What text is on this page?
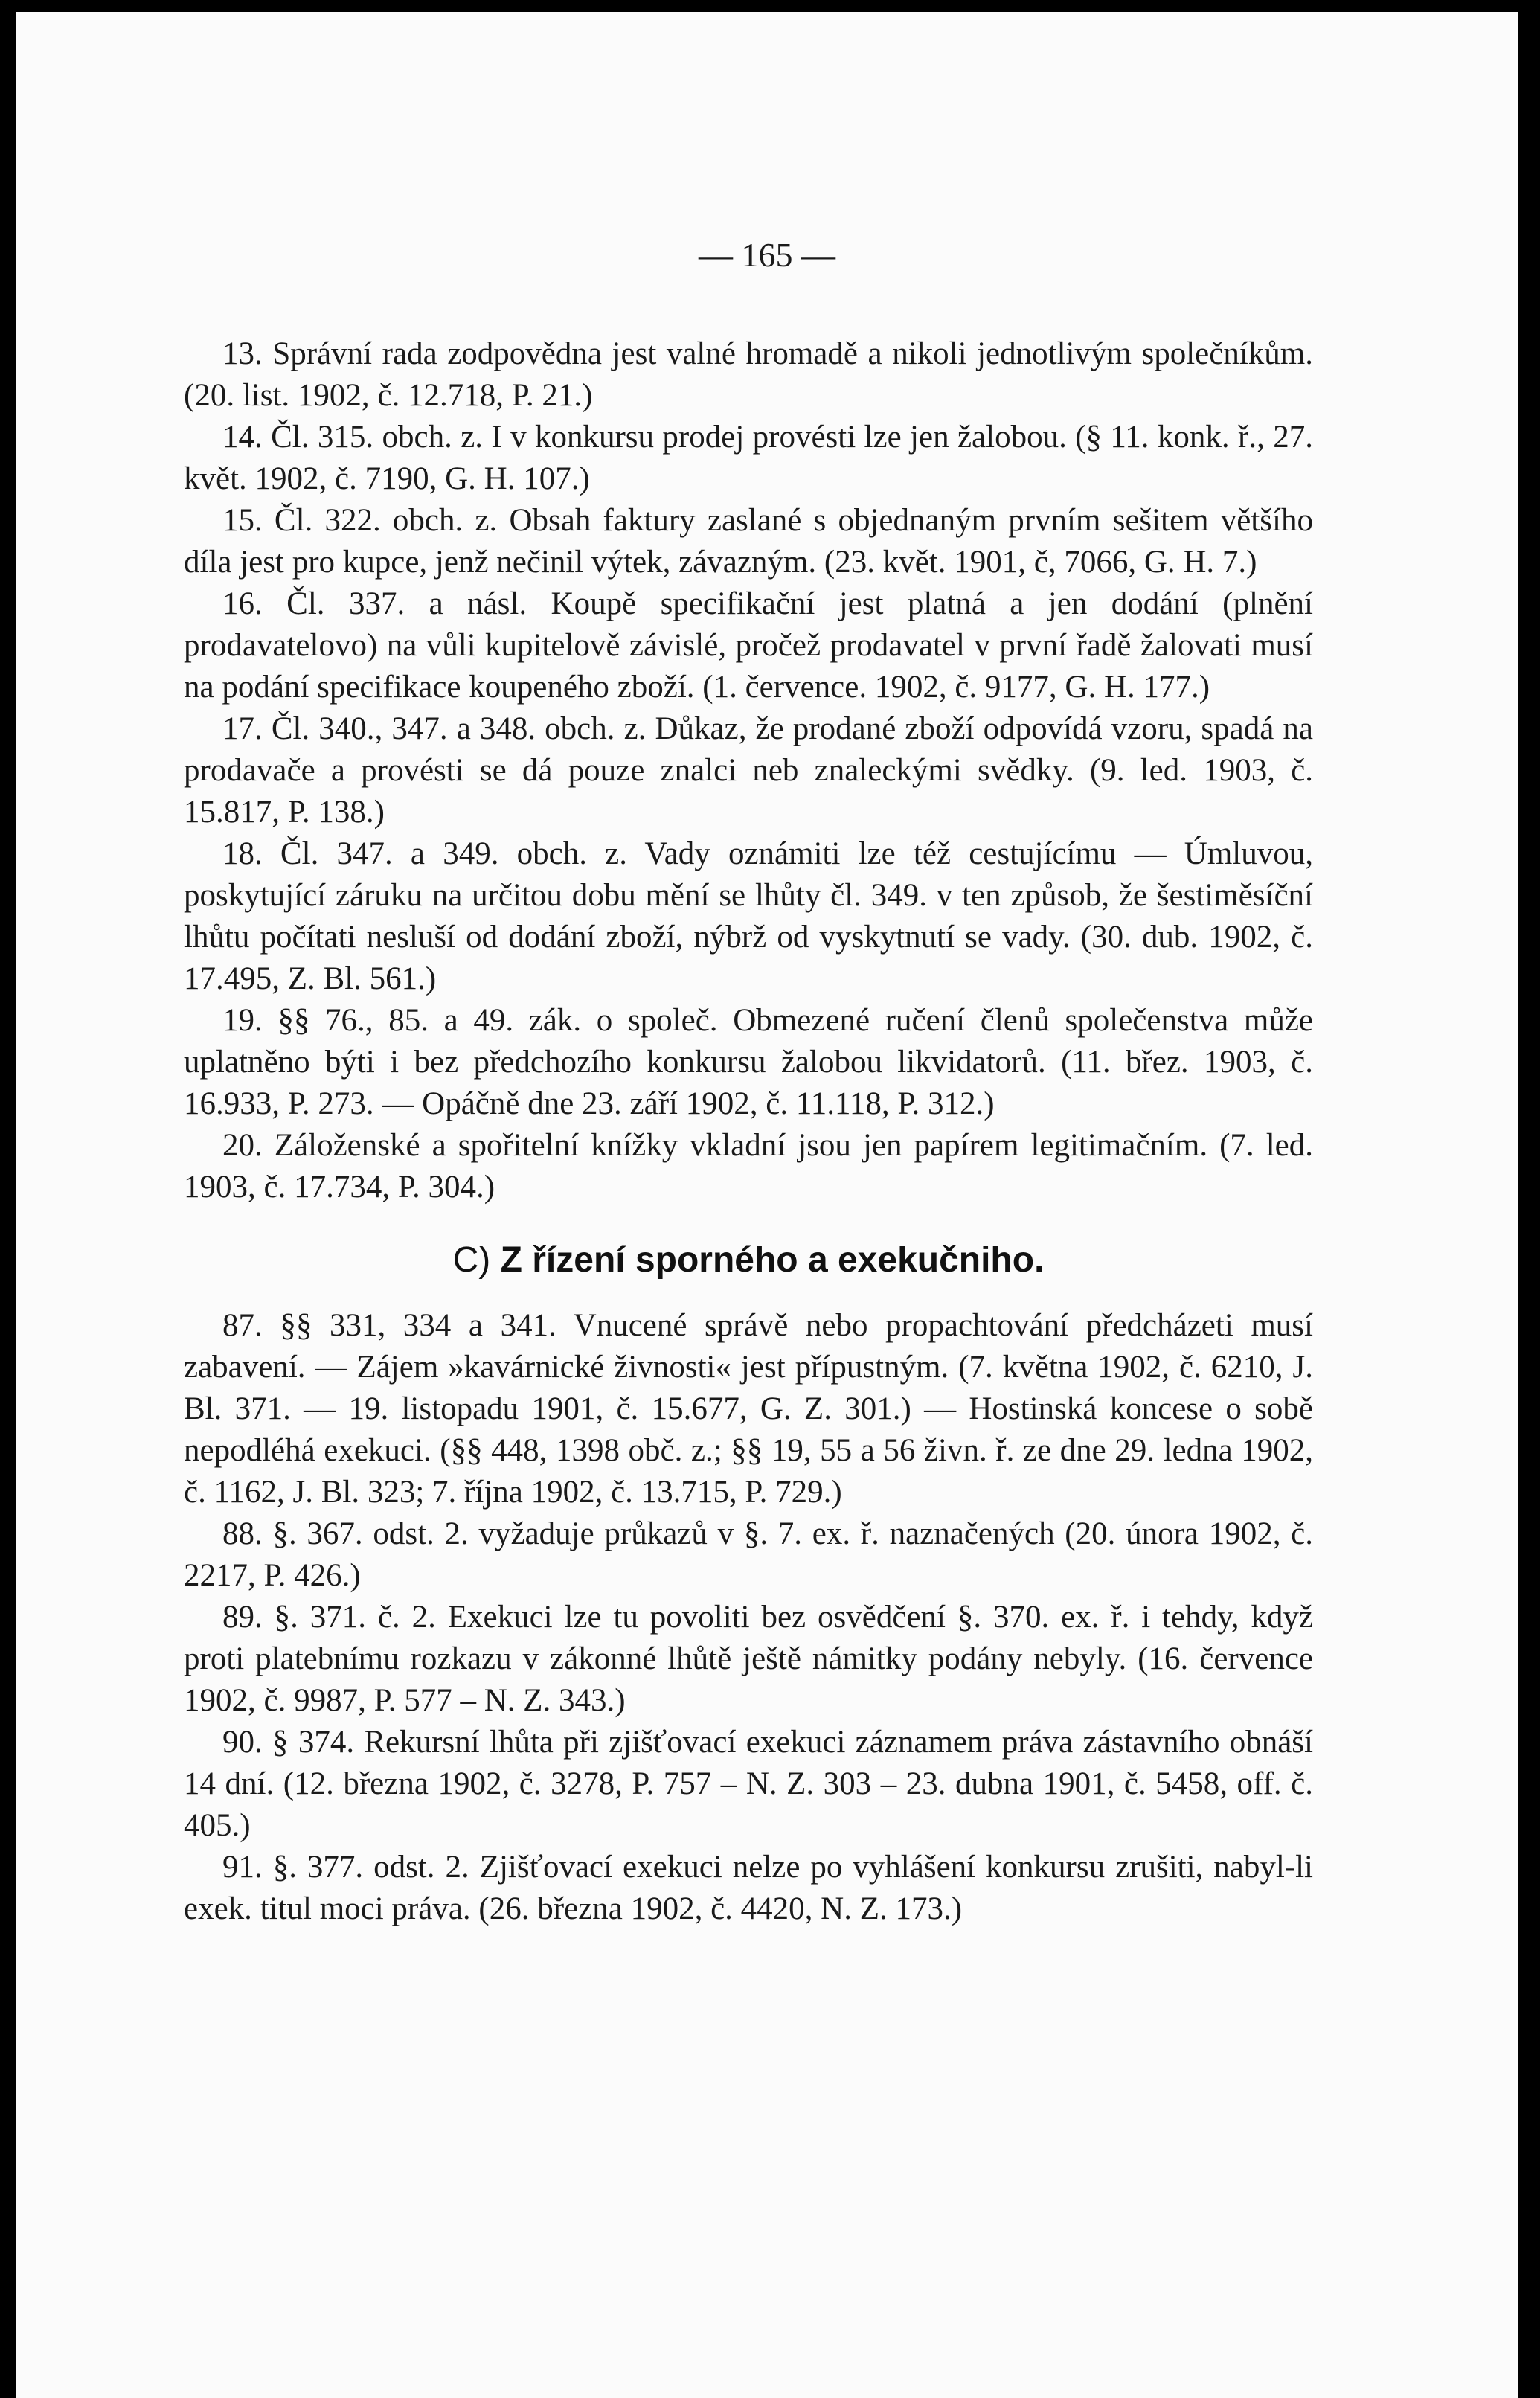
— 165 —

13. Správní rada zodpovědna jest valné hromadě a nikoli jednotlivým společníkům. (20. list. 1902, č. 12.718, P. 21.)

14. Čl. 315. obch. z. I v konkursu prodej provésti lze jen žalobou. (§ 11. konk. ř., 27. květ. 1902, č. 7190, G. H. 107.)

15. Čl. 322. obch. z. Obsah faktury zaslané s objednaným prvním sešitem většího díla jest pro kupce, jenž nečinil výtek, závazným. (23. květ. 1901, č, 7066, G. H. 7.)

16. Čl. 337. a násl. Koupě specifikační jest platná a jen dodání (plnění prodavatelovo) na vůli kupitelově závislé, pročež prodavatel v první řadě žalovati musí na podání specifikace koupeného zboží. (1. července. 1902, č. 9177, G. H. 177.)

17. Čl. 340., 347. a 348. obch. z. Důkaz, že prodané zboží odpovídá vzoru, spadá na prodavače a provésti se dá pouze znalci neb znaleckými svědky. (9. led. 1903, č. 15.817, P. 138.)

18. Čl. 347. a 349. obch. z. Vady oznámiti lze též cestujícímu — Úmluvou, poskytující záruku na určitou dobu mění se lhůty čl. 349. v ten způsob, že šestiměsíční lhůtu počítati nesluší od dodání zboží, nýbrž od vyskytnutí se vady. (30. dub. 1902, č. 17.495, Z. Bl. 561.)

19. §§ 76., 85. a 49. zák. o společ. Obmezené ručení členů společenstva může uplatněno býti i bez předchozího konkursu žalobou likvidatorů. (11. břez. 1903, č. 16.933, P. 273. — Opáčně dne 23. září 1902, č. 11.118, P. 312.)

20. Záloženské a spořitelní knížky vkladní jsou jen papírem legitimačním. (7. led. 1903, č. 17.734, P. 304.)

C) Z řízení sporného a exekučniho.

87. §§ 331, 334 a 341. Vnucené správě nebo propachtování předcházeti musí zabavení. — Zájem »kavárnické živnosti« jest přípustným. (7. května 1902, č. 6210, J. Bl. 371. — 19. listopadu 1901, č. 15.677, G. Z. 301.) — Hostinská koncese o sobě nepodléhá exekuci. (§§ 448, 1398 obč. z.; §§ 19, 55 a 56 živn. ř. ze dne 29. ledna 1902, č. 1162, J. Bl. 323; 7. října 1902, č. 13.715, P. 729.)

88. §. 367. odst. 2. vyžaduje průkazů v §. 7. ex. ř. naznačených (20. února 1902, č. 2217, P. 426.)

89. §. 371. č. 2. Exekuci lze tu povoliti bez osvědčení §. 370. ex. ř. i tehdy, když proti platebnímu rozkazu v zákonné lhůtě ještě námitky podány nebyly. (16. července 1902, č. 9987, P. 577 – N. Z. 343.)

90. § 374. Rekursní lhůta při zjišťovací exekuci záznamem práva zástavního obnáší 14 dní. (12. března 1902, č. 3278, P. 757 – N. Z. 303 – 23. dubna 1901, č. 5458, off. č. 405.)

91. §. 377. odst. 2. Zjišťovací exekuci nelze po vyhlášení konkursu zrušiti, nabyl-li exek. titul moci práva. (26. března 1902, č. 4420, N. Z. 173.)
